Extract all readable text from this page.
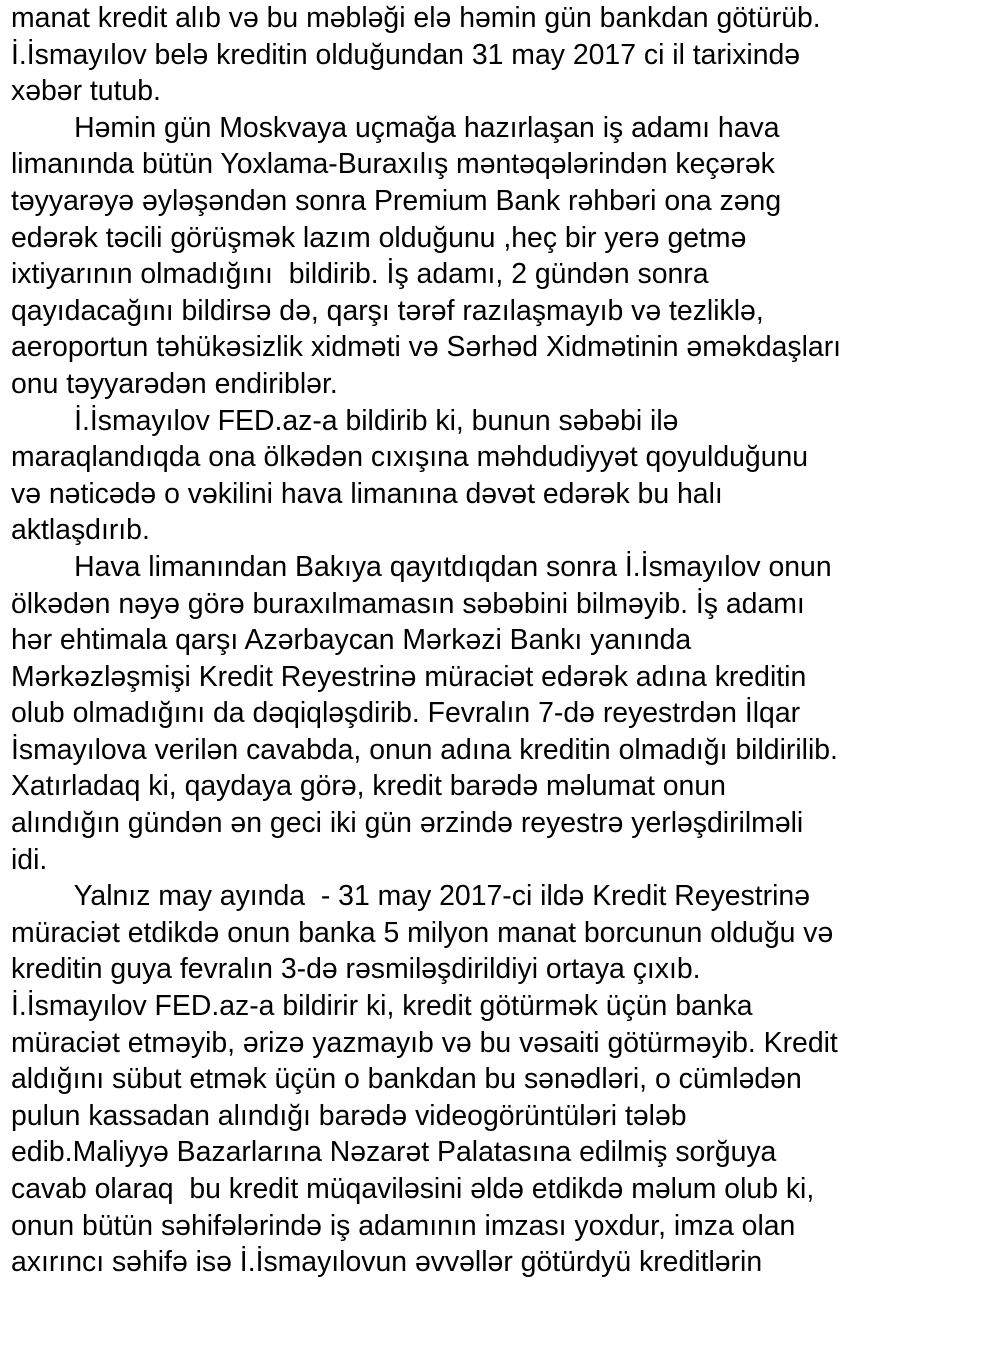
manat kredit alıb və bu məbləği elə həmin gün bankdan götürüb.
İ.İsmayılov belə kreditin olduğundan 31 may 2017 ci il tarixində
xəbər tutub.
Həmin gün Moskvaya uçmağa hazırlaşan iş adamı hava
limanında bütün Yoxlama-Buraxılış məntəqələrindən keçərək
təyyarəyə əyləşəndən sonra Premium Bank rəhbəri ona zəng
edərək təcili görüşmək lazım olduğunu ,heç bir yerə getmə
ixtiyarının olmadığını  bildirib. İş adamı, 2 gündən sonra
qayıdacağını bildirsə də, qarşı tərəf razılaşmayıb və tezliklə,
aeroportun təhükəsizlik xidməti və Sərhəd Xidmətinin əməkdaşları
onu təyyarədən endiriblər.
İ.İsmayılov FED.az-a bildirib ki, bunun səbəbi ilə
maraqlandıqda ona ölkədən cıxışına məhdudiyyət qoyulduğunu
və nəticədə o vəkilini hava limanına dəvət edərək bu halı
aktlaşdırıb.
Hava limanından Bakıya qayıtdıqdan sonra İ.İsmayılov onun
ölkədən nəyə görə buraxılmamasın səbəbini bilməyib. İş adamı
hər ehtimala qarşı Azərbaycan Mərkəzi Bankı yanında
Mərkəzləşmişi Kredit Reyestrinə müraciət edərək adına kreditin
olub olmadığını da dəqiqləşdirib. Fevralın 7-də reyestrdən İlqar
İsmayılova verilən cavabda, onun adına kreditin olmadığı bildirilib.
Xatırladaq ki, qaydaya görə, kredit barədə məlumat onun
alındığın gündən ən geci iki gün ərzində reyestrə yerləşdirilməli
idi.
Yalnız may ayında  - 31 may 2017-ci ildə Kredit Reyestrinə
müraciət etdikdə onun banka 5 milyon manat borcunun olduğu və
kreditin guya fevralın 3-də rəsmiləşdirildiyi ortaya çıxıb.
İ.İsmayılov FED.az-a bildirir ki, kredit götürmək üçün banka
müraciət etməyib, ərizə yazmayıb və bu vəsaiti götürməyib. Kredit
aldığını sübut etmək üçün o bankdan bu sənədləri, o cümlədən
pulun kassadan alındığı barədə videogörüntüləri tələb
edib.Maliyyə Bazarlarına Nəzarət Palatasına edilmiş sorğuya
cavab olaraq  bu kredit müqaviləsini əldə etdikdə məlum olub ki,
onun bütün səhifələrində iş adamının imzası yoxdur, imza olan
axırıncı səhifə isə İ.İsmayılovun əvvəllər götürdyü kreditlərin
